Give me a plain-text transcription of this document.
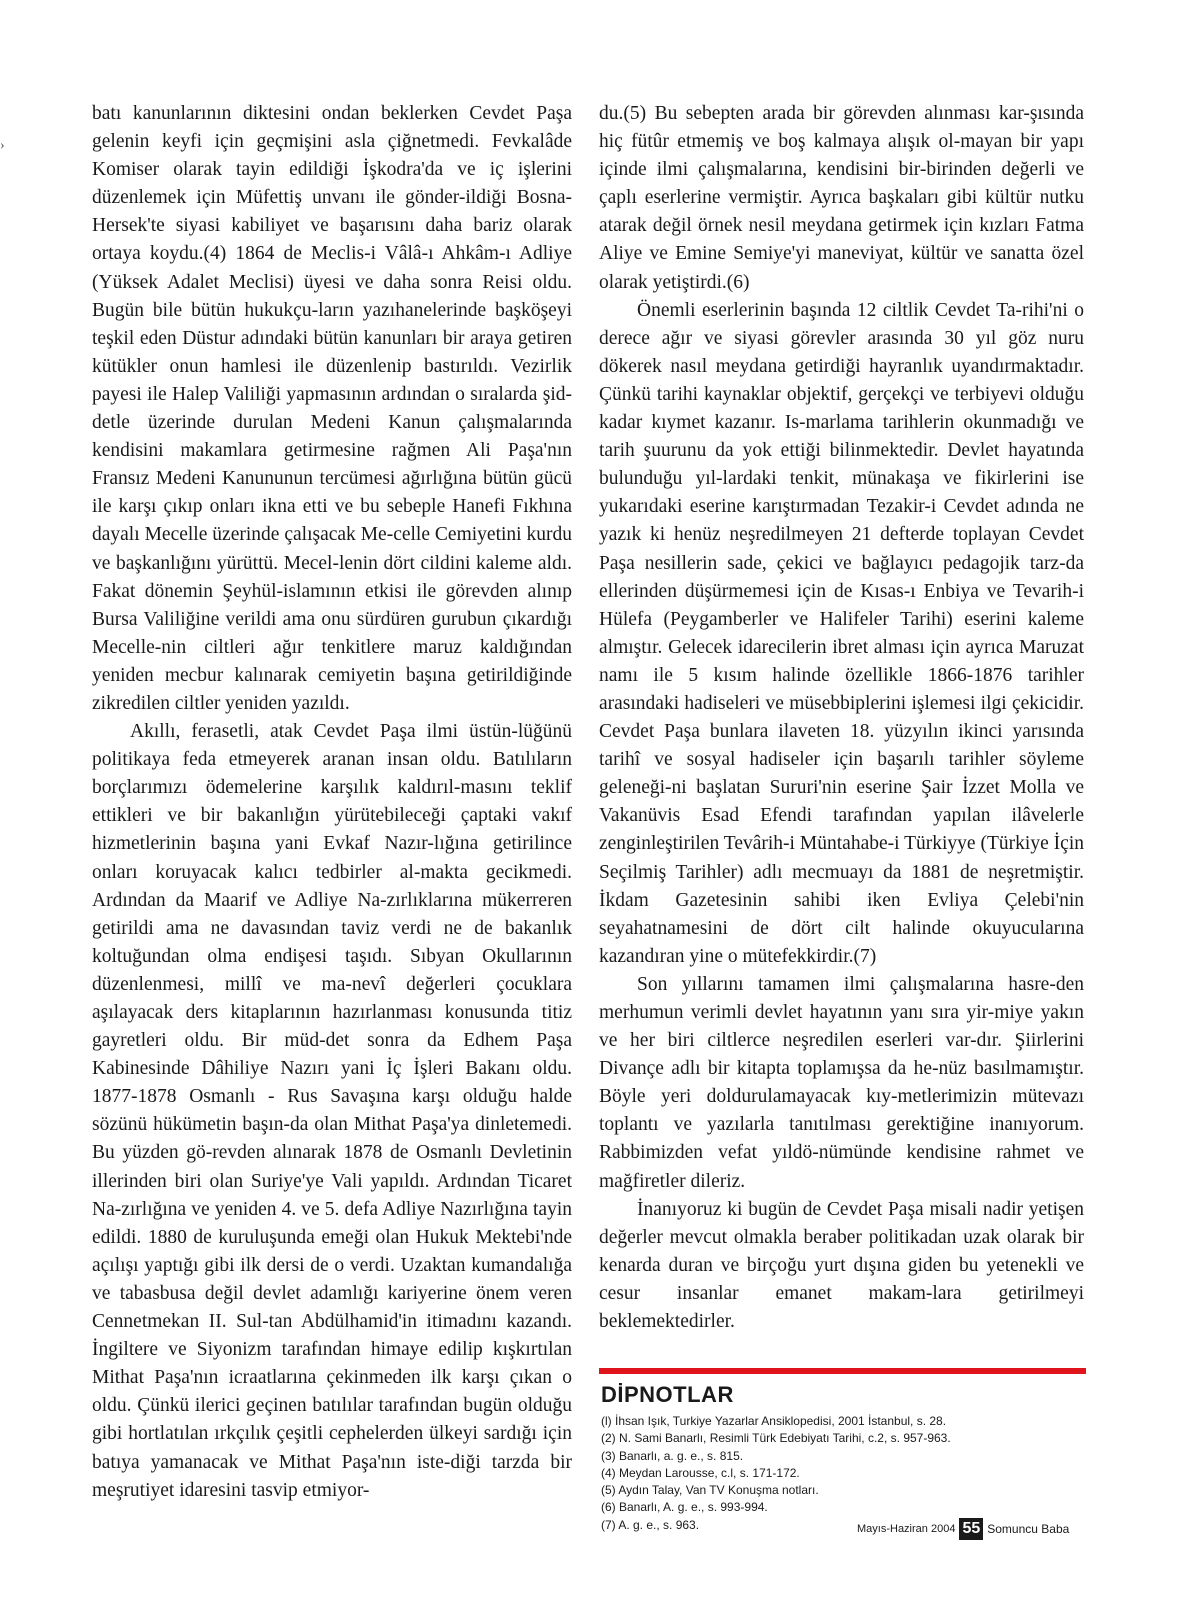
›

batı kanunlarının diktesini ondan beklerken Cevdet Paşa gelenin keyfi için geçmişini asla çiğnetmedi. Fevkalâde Komiser olarak tayin edildiği İşkodra'da ve iç işlerini düzenlemek için Müfettiş unvanı ile gönder-ildiği Bosna-Hersek'te siyasi kabiliyet ve başarısını daha bariz olarak ortaya koydu.(4) 1864 de Meclis-i Vâlâ-ı Ahkâm-ı Adliye (Yüksek Adalet Meclisi) üyesi ve daha sonra Reisi oldu. Bugün bile bütün hukukçu-ların yazıhanelerinde başköşeyi teşkil eden Düstur adındaki bütün kanunları bir araya getiren kütükler onun hamlesi ile düzenlenip bastırıldı. Vezirlik payesi ile Halep Valiliği yapmasının ardından o sıralarda şid-detle üzerinde durulan Medeni Kanun çalışmalarında kendisini makamlara getirmesine rağmen Ali Paşa'nın Fransız Medeni Kanununun tercümesi ağırlığına bütün gücü ile karşı çıkıp onları ikna etti ve bu sebeple Hanefi Fıkhına dayalı Mecelle üzerinde çalışacak Me-celle Cemiyetini kurdu ve başkanlığını yürüttü. Mecel-lenin dört cildini kaleme aldı. Fakat dönemin Şeyhül-islamının etkisi ile görevden alınıp Bursa Valiliğine verildi ama onu sürdüren gurubun çıkardığı Mecelle-nin ciltleri ağır tenkitlere maruz kaldığından yeniden mecbur kalınarak cemiyetin başına getirildiğinde zikredilen ciltler yeniden yazıldı.

Akıllı, ferasetli, atak Cevdet Paşa ilmi üstün-lüğünü politikaya feda etmeyerek aranan insan oldu. Batılıların borçlarımızı ödemelerine karşılık kaldırıl-masını teklif ettikleri ve bir bakanlığın yürütebileceği çaptaki vakıf hizmetlerinin başına yani Evkaf Nazır-lığına getirilince onları koruyacak kalıcı tedbirler al-makta gecikmedi. Ardından da Maarif ve Adliye Na-zırlıklarına mükerreren getirildi ama ne davasından taviz verdi ne de bakanlık koltuğundan olma endişesi taşıdı. Sıbyan Okullarının düzenlenmesi, millî ve ma-nevî değerleri çocuklara aşılayacak ders kitaplarının hazırlanması konusunda titiz gayretleri oldu. Bir müd-det sonra da Edhem Paşa Kabinesinde Dâhiliye Nazırı yani İç İşleri Bakanı oldu. 1877-1878 Osmanlı - Rus Savaşına karşı olduğu halde sözünü hükümetin başın-da olan Mithat Paşa'ya dinletemedi. Bu yüzden gö-revden alınarak 1878 de Osmanlı Devletinin illerinden biri olan Suriye'ye Vali yapıldı. Ardından Ticaret Na-zırlığına ve yeniden 4. ve 5. defa Adliye Nazırlığına tayin edildi. 1880 de kuruluşunda emeği olan Hukuk Mektebi'nde açılışı yaptığı gibi ilk dersi de o verdi. Uzaktan kumandalığa ve tabasbusa değil devlet adamlığı kariyerine önem veren Cennetmekan II. Sul-tan Abdülhamid'in itimadını kazandı. İngiltere ve Siyonizm tarafından himaye edilip kışkırtılan Mithat Paşa'nın icraatlarına çekinmeden ilk karşı çıkan o oldu. Çünkü ilerici geçinen batılılar tarafından bugün olduğu gibi hortlatılan ırkçılık çeşitli cephelerden ülkeyi sardığı için batıya yamanacak ve Mithat Paşa'nın iste-diği tarzda bir meşrutiyet idaresini tasvip etmiyor-

du.(5) Bu sebepten arada bir görevden alınması kar-şısında hiç fütûr etmemiş ve boş kalmaya alışık ol-mayan bir yapı içinde ilmi çalışmalarına, kendisini bir-birinden değerli ve çaplı eserlerine vermiştir. Ayrıca başkaları gibi kültür nutku atarak değil örnek nesil meydana getirmek için kızları Fatma Aliye ve Emine Semiye'yi maneviyat, kültür ve sanatta özel olarak yetiştirdi.(6)

Önemli eserlerinin başında 12 ciltlik Cevdet Ta-rihi'ni o derece ağır ve siyasi görevler arasında 30 yıl göz nuru dökerek nasıl meydana getirdiği hayranlık uyandırmaktadır. Çünkü tarihi kaynaklar objektif, gerçekçi ve terbiyevi olduğu kadar kıymet kazanır. Is-marlama tarihlerin okunmadığı ve tarih şuurunu da yok ettiği bilinmektedir. Devlet hayatında bulunduğu yıl-lardaki tenkit, münakaşa ve fikirlerini ise yukarıdaki eserine karıştırmadan Tezakir-i Cevdet adında ne yazık ki henüz neşredilmeyen 21 defterde toplayan Cevdet Paşa nesillerin sade, çekici ve bağlayıcı pedagojik tarz-da ellerinden düşürmemesi için de Kısas-ı Enbiya ve Tevarih-i Hülefa (Peygamberler ve Halifeler Tarihi) eserini kaleme almıştır. Gelecek idarecilerin ibret alması için ayrıca Maruzat namı ile 5 kısım halinde özellikle 1866-1876 tarihler arasındaki hadiseleri ve müsebbiplerini işlemesi ilgi çekicidir. Cevdet Paşa bunlara ilaveten 18. yüzyılın ikinci yarısında tarihî ve sosyal hadiseler için başarılı tarihler söyleme geleneği-ni başlatan Sururi'nin eserine Şair İzzet Molla ve Vakanüvis Esad Efendi tarafından yapılan ilâvelerle zenginleştirilen Tevârih-i Müntahabe-i Türkiyye (Türkiye İçin Seçilmiş Tarihler) adlı mecmuayı da 1881 de neşretmiştir. İkdam Gazetesinin sahibi iken Evliya Çelebi'nin seyahatnamesini de dört cilt halinde okuyucularına kazandıran yine o mütefekkirdir.(7)

Son yıllarını tamamen ilmi çalışmalarına hasre-den merhumun verimli devlet hayatının yanı sıra yir-miye yakın ve her biri ciltlerce neşredilen eserleri var-dır. Şiirlerini Divançe adlı bir kitapta toplamışsa da he-nüz basılmamıştır. Böyle yeri doldurulamayacak kıy-metlerimizin mütevazı toplantı ve yazılarla tanıtılması gerektiğine inanıyorum. Rabbimizden vefat yıldö-nümünde kendisine rahmet ve mağfiretler dileriz.

İnanıyoruz ki bugün de Cevdet Paşa misali nadir yetişen değerler mevcut olmakla beraber politikadan uzak olarak bir kenarda duran ve birçoğu yurt dışına giden bu yetenekli ve cesur insanlar emanet makam-lara getirilmeyi beklemektedirler.

DİPNOTLAR
(l) İhsan Işık, Turkiye Yazarlar Ansiklopedisi, 2001 İstanbul, s. 28.
(2) N. Sami Banarlı, Resimli Türk Edebiyatı Tarihi, c.2, s. 957-963.
(3) Banarlı, a. g. e., s. 815.
(4) Meydan Larousse, c.l, s. 171-172.
(5) Aydın Talay, Van TV Konuşma notları.
(6) Banarlı, A. g. e., s. 993-994.
(7) A. g. e., s. 963.	Mayıs-Haziran 2004 55 Somuncu Baba
